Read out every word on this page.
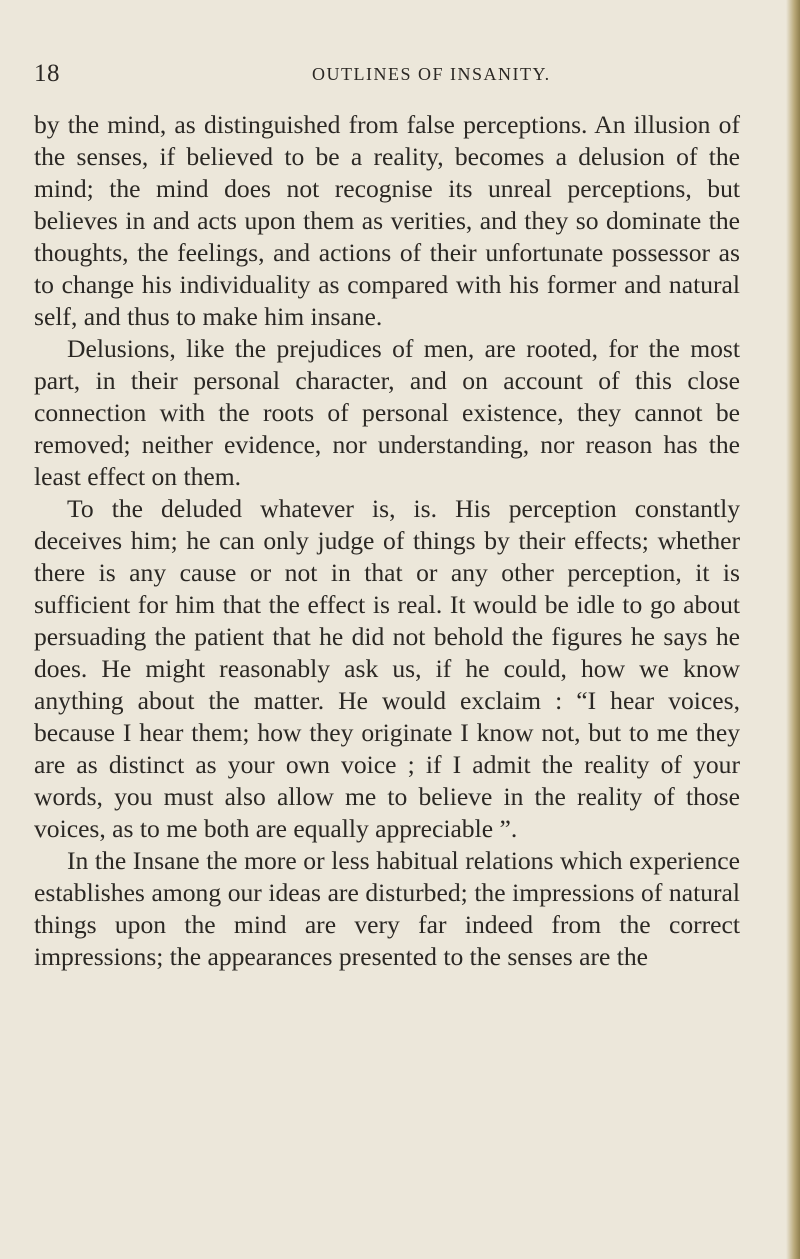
18	OUTLINES OF INSANITY.

by the mind, as distinguished from false perceptions. An illusion of the senses, if believed to be a reality, becomes a delusion of the mind; the mind does not recognise its unreal perceptions, but believes in and acts upon them as verities, and they so dominate the thoughts, the feelings, and actions of their unfortunate possessor as to change his individuality as compared with his former and natural self, and thus to make him insane.

Delusions, like the prejudices of men, are rooted, for the most part, in their personal character, and on account of this close connection with the roots of personal existence, they cannot be removed; neither evidence, nor understanding, nor reason has the least effect on them.

To the deluded whatever is, is. His perception constantly deceives him; he can only judge of things by their effects; whether there is any cause or not in that or any other perception, it is sufficient for him that the effect is real. It would be idle to go about persuading the patient that he did not behold the figures he says he does. He might reasonably ask us, if he could, how we know anything about the matter. He would exclaim : “I hear voices, because I hear them; how they originate I know not, but to me they are as distinct as your own voice ; if I admit the reality of your words, you must also allow me to believe in the reality of those voices, as to me both are equally appreciable ”.

In the Insane the more or less habitual relations which experience establishes among our ideas are disturbed; the impressions of natural things upon the mind are very far indeed from the correct impressions; the appearances presented to the senses are the
